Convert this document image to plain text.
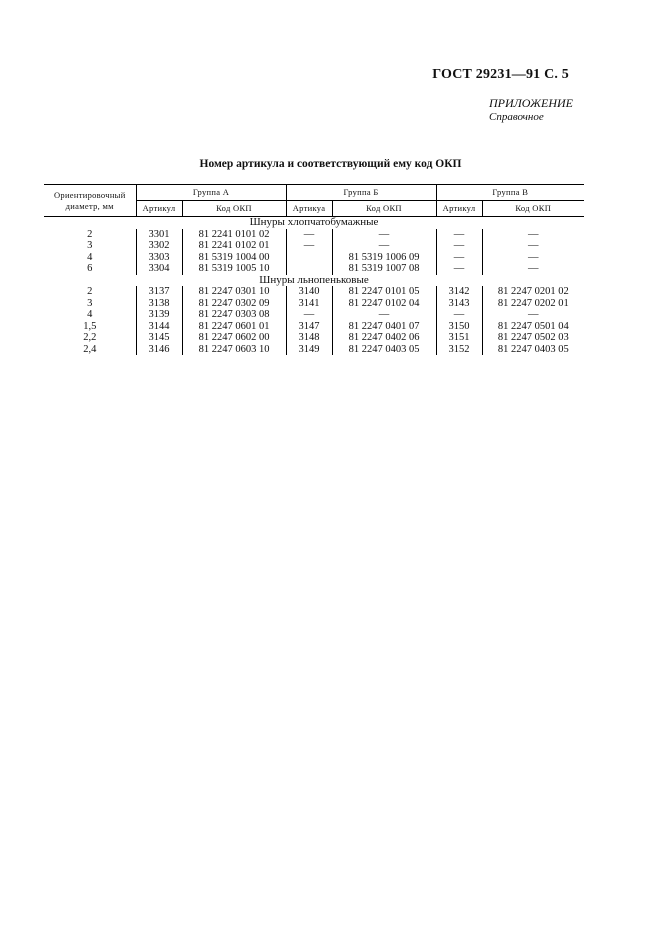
ГОСТ 29231—91 С. 5
ПРИЛОЖЕНИЕ
Справочное
Номер артикула и соответствующий ему код ОКП
Ориентировочный
диаметр, мм	Группа А		Группа Б		Группа В	
	Артикул	Код ОКП	Артикуа	Код ОКП	Артикул	Код ОКП
Шнуры хлопчатобумажные						
2	3301	81 2241 0101 02	—	—	—	—
3	3302	81 2241 0102 01	—	—	—	—
4	3303	81 5319 1004 00		81 5319 1006 09	—	—
6	3304	81 5319 1005 10		81 5319 1007 08	—	—
Шнуры льнопеньковые						
2	3137	81 2247 0301 10	3140	81 2247 0101 05	3142	81 2247 0201 02
3	3138	81 2247 0302 09	3141	81 2247 0102 04	3143	81 2247 0202 01
4	3139	81 2247 0303 08	—	—	—	—
1,5	3144	81 2247 0601 01	3147	81 2247 0401 07	3150	81 2247 0501 04
2,2	3145	81 2247 0602 00	3148	81 2247 0402 06	3151	81 2247 0502 03
2,4	3146	81 2247 0603 10	3149	81 2247 0403 05	3152	81 2247 0403 05
